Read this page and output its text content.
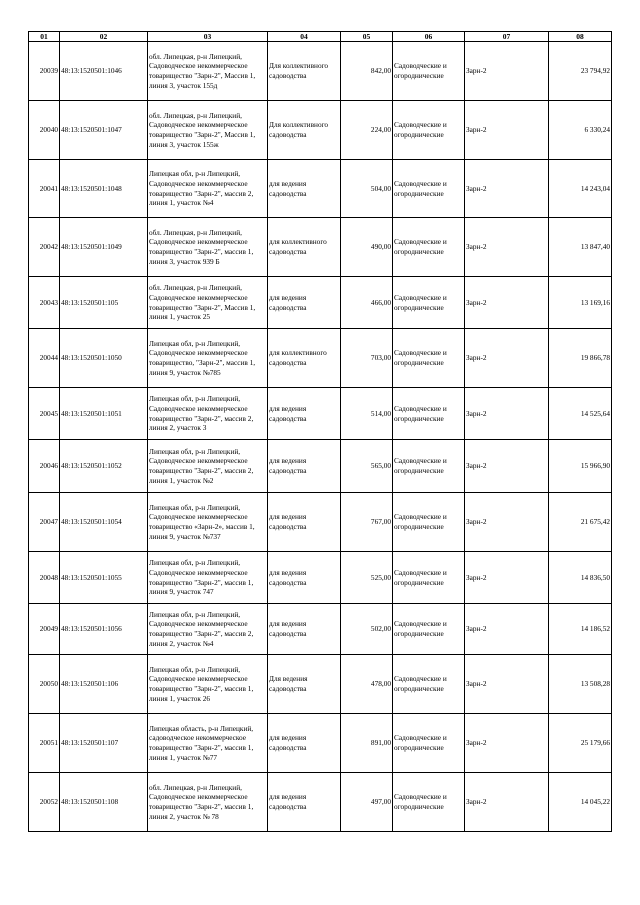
01	02	03	04	05	06	07	08
20039	48:13:1520501:1046	обл. Липецкая, р-н Липецкий, Садоводческое некоммерческое товарищество "Зарн-2", Массив 1, линия 3, участок 155д	Для коллективного садоводства	842,00	Садоводческие и огороднические	Зарн-2	23 794,92
20040	48:13:1520501:1047	обл. Липецкая, р-н Липецкий, Садоводческое некоммерческое товарищество "Зарн-2", Массив 1, линия 3, участок 155ж	Для коллективного садоводства	224,00	Садоводческие и огороднические	Зарн-2	6 330,24
20041	48:13:1520501:1048	Липецкая обл, р-н Липецкий, Садоводческое некоммерческое товарищество "Зарн-2", массив 2, линия 1, участок №4	для ведения садоводства	504,00	Садоводческие и огороднические	Зарн-2	14 243,04
20042	48:13:1520501:1049	обл. Липецкая, р-н Липецкий, Садоводческое некоммерческое товарищество "Зарн-2", массив 1, линия 3, участок 939 Б	для коллективного садоводства	490,00	Садоводческие и огороднические	Зарн-2	13 847,40
20043	48:13:1520501:105	обл. Липецкая, р-н Липецкий, Садоводческое некоммерческое товарищество "Зарн-2", Массив 1, линия 1, участок 25	для ведения садоводства	466,00	Садоводческие и огороднические	Зарн-2	13 169,16
20044	48:13:1520501:1050	Липецкая обл, р-н Липецкий, Садоводческое некоммерческое товарищество, "Зарн-2", массив 1, линия 9, участок №785	для коллективного садоводства	703,00	Садоводческие и огороднические	Зарн-2	19 866,78
20045	48:13:1520501:1051	Липецкая обл, р-н Липецкий, Садоводческое некоммерческое товарищество "Зарн-2", массив 2, линия 2, участок 3	для ведения садоводства	514,00	Садоводческие и огороднические	Зарн-2	14 525,64
20046	48:13:1520501:1052	Липецкая обл, р-н Липецкий, Садоводческое некоммерческое товарищество "Зарн-2", массив 2, линия 1, участок №2	для ведения садоводства	565,00	Садоводческие и огороднические	Зарн-2	15 966,90
20047	48:13:1520501:1054	Липецкая обл, р-н Липецкий, Садоводческое некоммерческое товарищество «Зарн-2», массив 1, линия 9, участок №737	для ведения садоводства	767,00	Садоводческие и огороднические	Зарн-2	21 675,42
20048	48:13:1520501:1055	Липецкая обл, р-н Липецкий, Садоводческое некоммерческое товарищество "Зарн-2", массив 1, линия 9, участок 747	для ведения садоводства	525,00	Садоводческие и огороднические	Зарн-2	14 836,50
20049	48:13:1520501:1056	Липецкая обл, р-н Липецкий, Садоводческое некоммерческое товарищество "Зарн-2", массив 2, линия 2, участок №4	для ведения садоводства	502,00	Садоводческие и огороднические	Зарн-2	14 186,52
20050	48:13:1520501:106	Липецкая обл, р-н Липецкий, Садоводческое некоммерческое товарищество "Зарн-2", массив 1, линия 1, участок 26	Для ведения садоводства	478,00	Садоводческие и огороднические	Зарн-2	13 508,28
20051	48:13:1520501:107	Липецкая область, р-н Липецкий, садоводческое некоммерческое товарищество "Зарн-2", массив 1, линия 1, участок №77	для ведения садоводства	891,00	Садоводческие и огороднические	Зарн-2	25 179,66
20052	48:13:1520501:108	обл. Липецкая, р-н Липецкий, Садоводческое некоммерческое товарищество "Зарн-2", массив 1, линия 2, участок № 78	для ведения садоводства	497,00	Садоводческие и огороднические	Зарн-2	14 045,22
